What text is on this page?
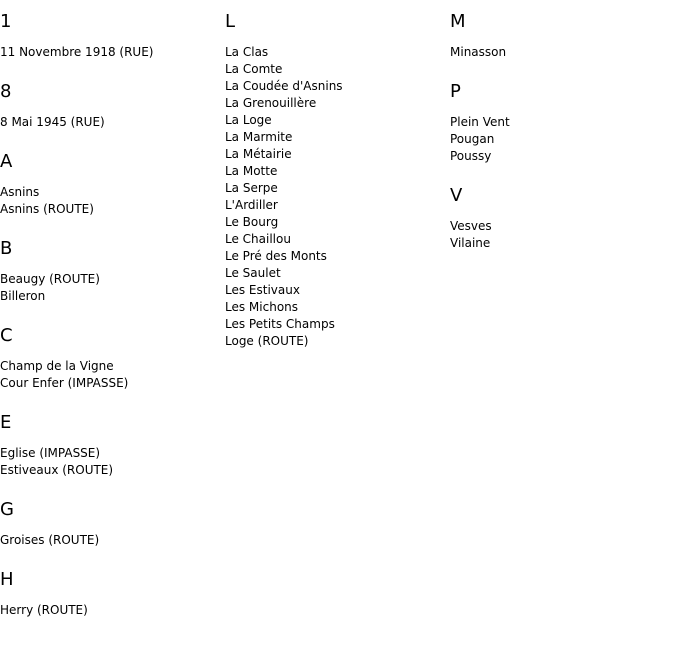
1
11 Novembre 1918 (RUE)
8
8 Mai 1945 (RUE)
A
Asnins
Asnins (ROUTE)
B
Beaugy (ROUTE)
Billeron
C
Champ de la Vigne
Cour Enfer (IMPASSE)
E
Eglise (IMPASSE)
Estiveaux (ROUTE)
G
Groises (ROUTE)
H
Herry (ROUTE)
L
La Clas
La Comte
La Coudée d'Asnins
La Grenouillère
La Loge
La Marmite
La Métairie
La Motte
La Serpe
L'Ardiller
Le Bourg
Le Chaillou
Le Pré des Monts
Le Saulet
Les Estivaux
Les Michons
Les Petits Champs
Loge (ROUTE)
M
Minasson
P
Plein Vent
Pougan
Poussy
V
Vesves
Vilaine
